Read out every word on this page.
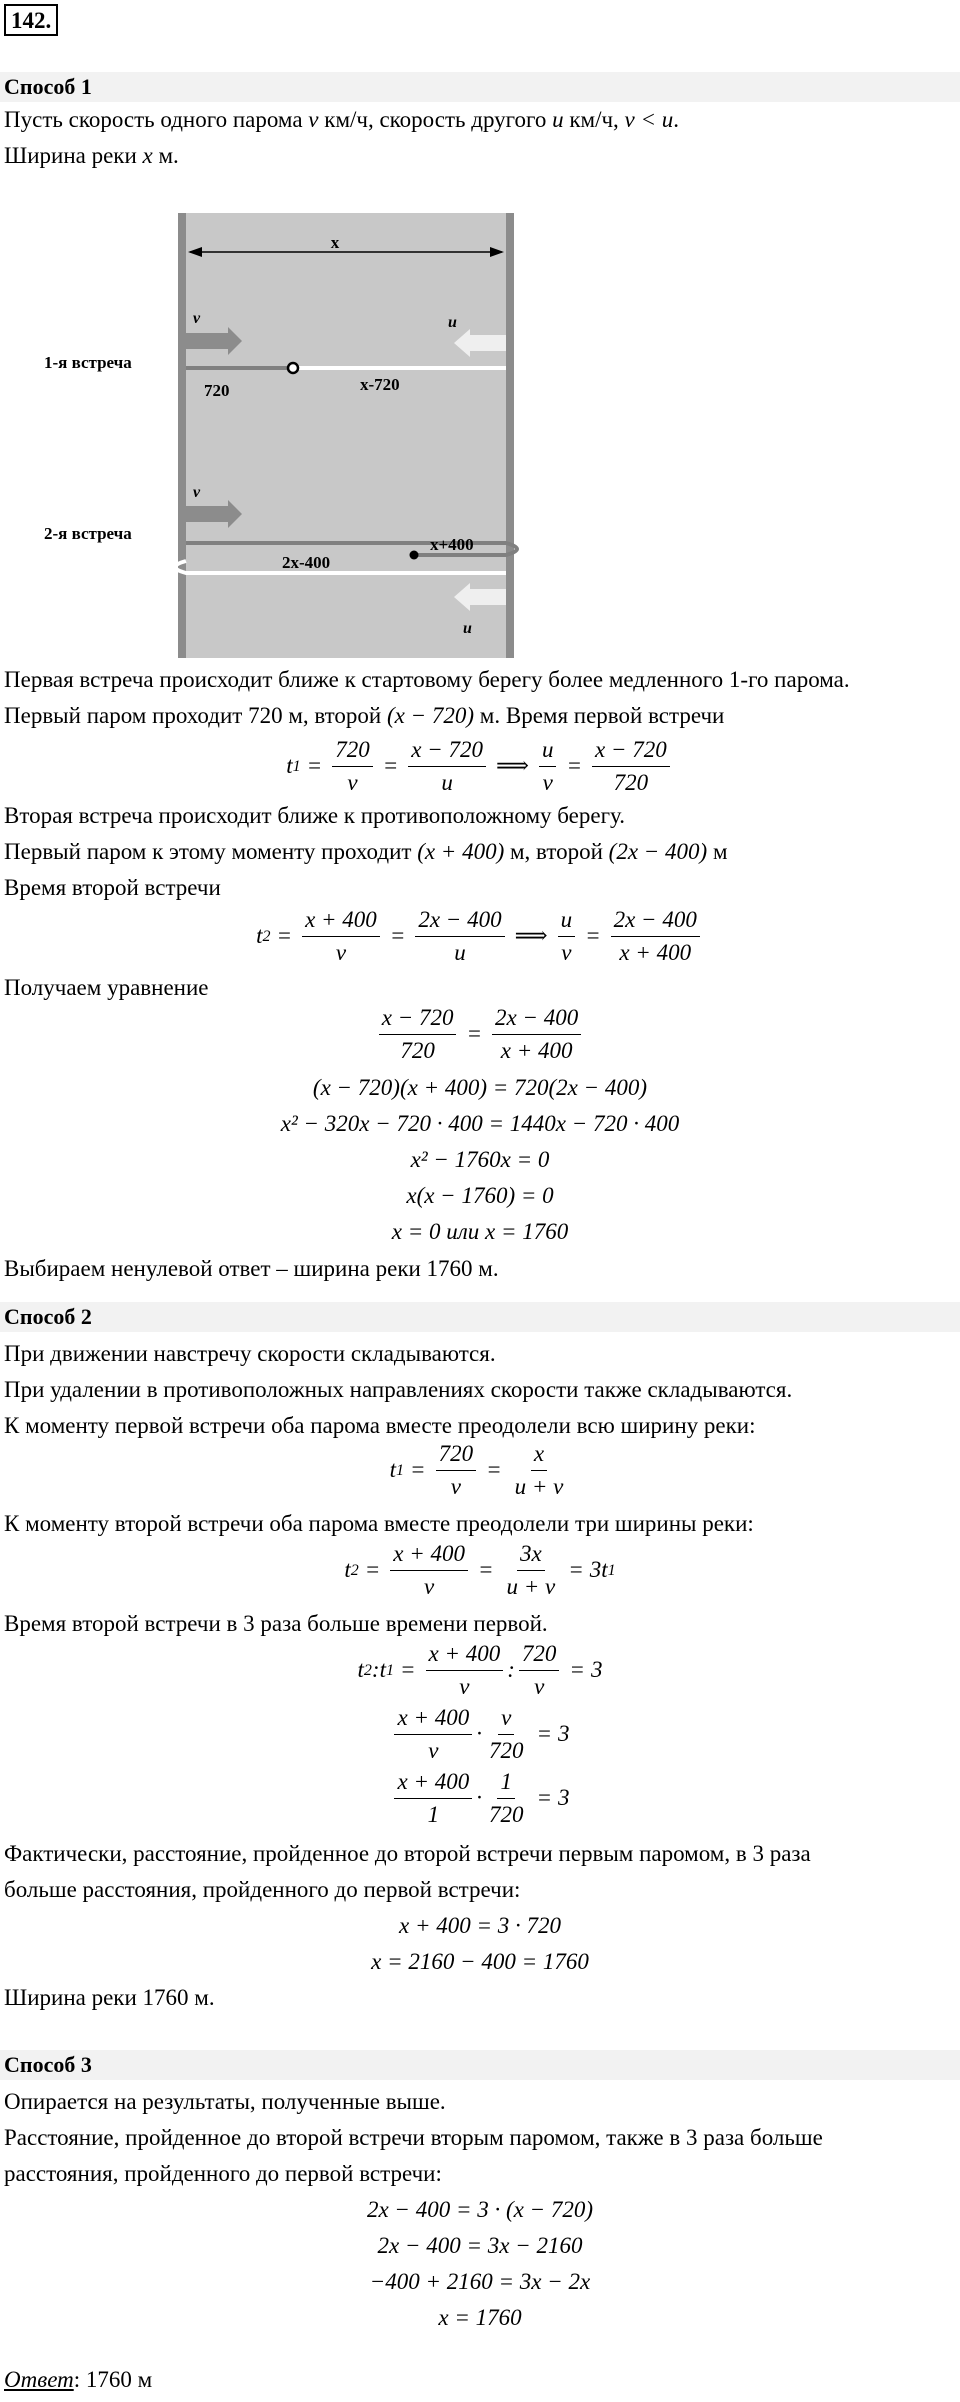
142.
Способ 1
Пусть скорость одного парома v км/ч, скорость другого u км/ч, v < u.
Ширина реки x м.
x
v	u
1-я встреча
720	x-720
v
2-я встреча
x+400
2x-400
u
Первая встреча происходит ближе к стартовому берегу более медленного 1-го парома.
Первый паром проходит 720 м, второй (x − 720) м. Время первой встречи
t $1 = \frac{720}{v} = \frac{x - 720}{u}$ ⟹ $\frac{u}{v} = \frac{x - 720}{720}$
Вторая встреча происходит ближе к противоположному берегу.
Первый паром к этому моменту проходит (x + 400) м, второй (2x − 400) м
Время второй встречи
t $2 = \frac{x + 400}{v} = \frac{2x - 400}{u}$ ⟹ $\frac{u}{v} = \frac{2x - 400}{x + 400}$
Получаем уравнение
$\frac{x - 720}{720} = \frac{2x - 400}{x + 400}$
(x − 720)(x + 400) = 720(2x − 400)
x² − 320x − 720 · 400 = 1440x − 720 · 400
x² − 1760x = 0
x(x − 1760) = 0
x = 0 или x = 1760
Выбираем ненулевой ответ – ширина реки 1760 м.
Способ 2
При движении навстречу скорости складываются.
При удалении в противоположных направлениях скорости также складываются.
К моменту первой встречи оба парома вместе преодолели всю ширину реки:
t $1 = \frac{720}{v} = \frac{x}{u + v}$
К моменту второй встречи оба парома вместе преодолели три ширины реки:
t $2 = \frac{x + 400}{v} = \frac{3x}{u + v} = 3t$ 1
Время второй встречи в 3 раза больше времени первой.
t 2 :t $1 = \frac{x + 400}{v}$ : $\frac{720}{v} = 3$
$\frac{x + 400}{v} \cdot \frac{v}{720} = 3$
$\frac{x + 400}{1} \cdot \frac{1}{720} = 3$
Фактически, расстояние, пройденное до второй встречи первым паромом, в 3 раза
больше расстояния, пройденного до первой встречи:
x + 400 = 3 · 720
x = 2160 − 400 = 1760
Ширина реки 1760 м.
Способ 3
Опирается на результаты, полученные выше.
Расстояние, пройденное до второй встречи вторым паромом, также в 3 раза больше
расстояния, пройденного до первой встречи:
2x − 400 = 3 · (x − 720)
2x − 400 = 3x − 2160
−400 + 2160 = 3x − 2x
x = 1760
Ответ: 1760 м
